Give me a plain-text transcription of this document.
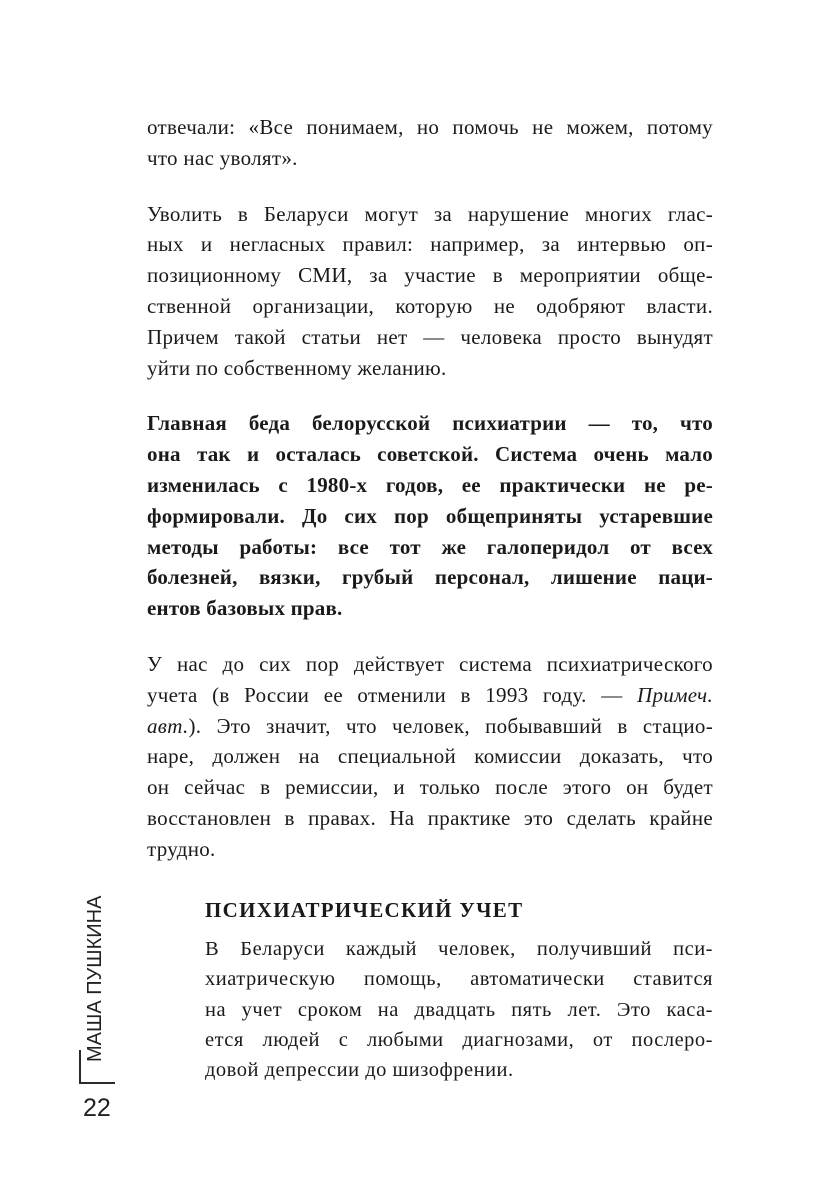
отвечали: «Все понимаем, но помочь не можем, потому
что нас уволят».
Уволить в Беларуси могут за нарушение многих глас-
ных и негласных правил: например, за интервью оп-
позиционному СМИ, за участие в мероприятии обще-
ственной организации, которую не одобряют власти.
Причем такой статьи нет — человека просто вынудят
уйти по собственному желанию.
Главная беда белорусской психиатрии — то, что
она так и осталась советской. Система очень мало
изменилась с 1980-х годов, ее практически не ре-
формировали. До сих пор общеприняты устаревшие
методы работы: все тот же галоперидол от всех
болезней, вязки, грубый персонал, лишение паци-
ентов базовых прав.
У нас до сих пор действует система психиатрического
учета (в России ее отменили в 1993 году. — Примеч.
авт.). Это значит, что человек, побывавший в стацио-
наре, должен на специальной комиссии доказать, что
он сейчас в ремиссии, и только после этого он будет
восстановлен в правах. На практике это сделать крайне
трудно.
ПСИХИАТРИЧЕСКИЙ УЧЕТ
В Беларуси каждый человек, получивший пси-
хиатрическую помощь, автоматически ставится
на учет сроком на двадцать пять лет. Это каса-
ется людей с любыми диагнозами, от послеро-
довой депрессии до шизофрении.
МАША ПУШКИНА
22
